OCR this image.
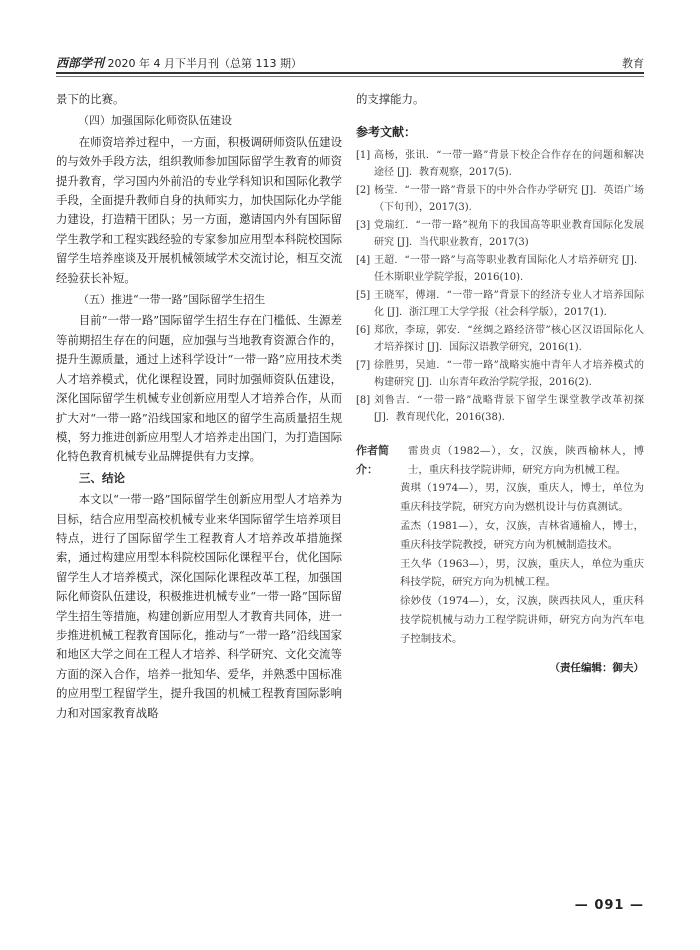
西部学刊 2020 年 4 月下半月刊（总第 113 期）	教育

景下的比赛。

（四）加强国际化师资队伍建设

在师资培养过程中，一方面，积极调研师资队伍建设的与效外手段方法，组织教师参加国际留学生教育的师资提升教育，学习国内外前沿的专业学科知识和国际化教学手段，全面提升教师自身的执师实力，加快国际化办学能力建设，打造精干团队；另一方面，邀请国内外有国际留学生教学和工程实践经验的专家参加应用型本科院校国际留学生培养座谈及开展机械领域学术交流讨论，相互交流经验获长补短。

（五）推进“一带一路”国际留学生招生

目前“一带一路”国际留学生招生存在门槛低、生源差等前期招生存在的问题，应加强与当地教育资源合作的，提升生源质量，通过上述科学设计“一带一路”应用技术类人才培养模式，优化课程设置，同时加强师资队伍建设，深化国际留学生机械专业创新应用型人才培养合作，从而扩大对“一带一路”沿线国家和地区的留学生高质量招生规模，努力推进创新应用型人才培养走出国门，为打造国际化特色教育机械专业品牌提供有力支撑。

三、结论

本文以“一带一路”国际留学生创新应用型人才培养为目标，结合应用型高校机械专业来华国际留学生培养项目特点，进行了国际留学生工程教育人才培养改革措施探索，通过构建应用型本科院校国际化课程平台，优化国际留学生人才培养模式，深化国际化课程改革工程，加强国际化师资队伍建设，积极推进机械专业“一带一路”国际留学生招生等措施，构建创新应用型人才教育共同体，进一步推进机械工程教育国际化，推动与“一带一路”沿线国家和地区大学之间在工程人才培养、科学研究、文化交流等方面的深入合作，培养一批知华、爱华，并熟悉中国标准的应用型工程留学生，提升我国的机械工程教育国际影响力和对国家教育战略

的支撑能力。

参考文献：
[1] 高杨，张讯．“一带一路”背景下校企合作存在的问题和解决途径 [J]．教育观察，2017(5).
[2] 杨莹．“一带一路”背景下的中外合作办学研究 [J]．英语广场（下旬刊），2017(3).
[3] 党瑞红．“一带一路”视角下的我国高等职业教育国际化发展研究 [J]．当代职业教育，2017(3)
[4] 王超．“一带一路”与高等职业教育国际化人才培养研究 [J]．任木斯职业学院学报，2016(10).
[5] 王晓军，傅翊．“一带一路”背景下的经济专业人才培养国际化 [J]．浙江理工大学学报（社会科学版），2017(1).
[6] 郑欣，李琼，郭安．“丝绸之路经济带”核心区汉语国际化人才培养探讨 [J]．国际汉语教学研究，2016(1).
[7] 徐胜男，吴迪．“一带一路”战略实施中青年人才培养模式的构建研究 [J]．山东青年政治学院学报，2016(2).
[8] 刘鲁吉．“一带一路”战略背景下留学生课堂教学改革初探 [J]．教育现代化，2016(38).
作者简介：
雷贵贞（1982—），女，汉族，陕西榆林人，博士，重庆科技学院讲师，研究方向为机械工程。

黄琪（1974—），男，汉族，重庆人，博士，单位为重庆科技学院，研究方向为燃机设计与仿真测试。

孟杰（1981—），女，汉族，吉林省通榆人，博士，重庆科技学院教授，研究方向为机械制造技术。

王久华（1963—），男，汉族，重庆人，单位为重庆科技学院，研究方向为机械工程。

徐妙伎（1974—），女，汉族，陕西扶风人，重庆科技学院机械与动力工程学院讲师，研究方向为汽车电子控制技术。

（责任编辑：御夫）
— 091 —
